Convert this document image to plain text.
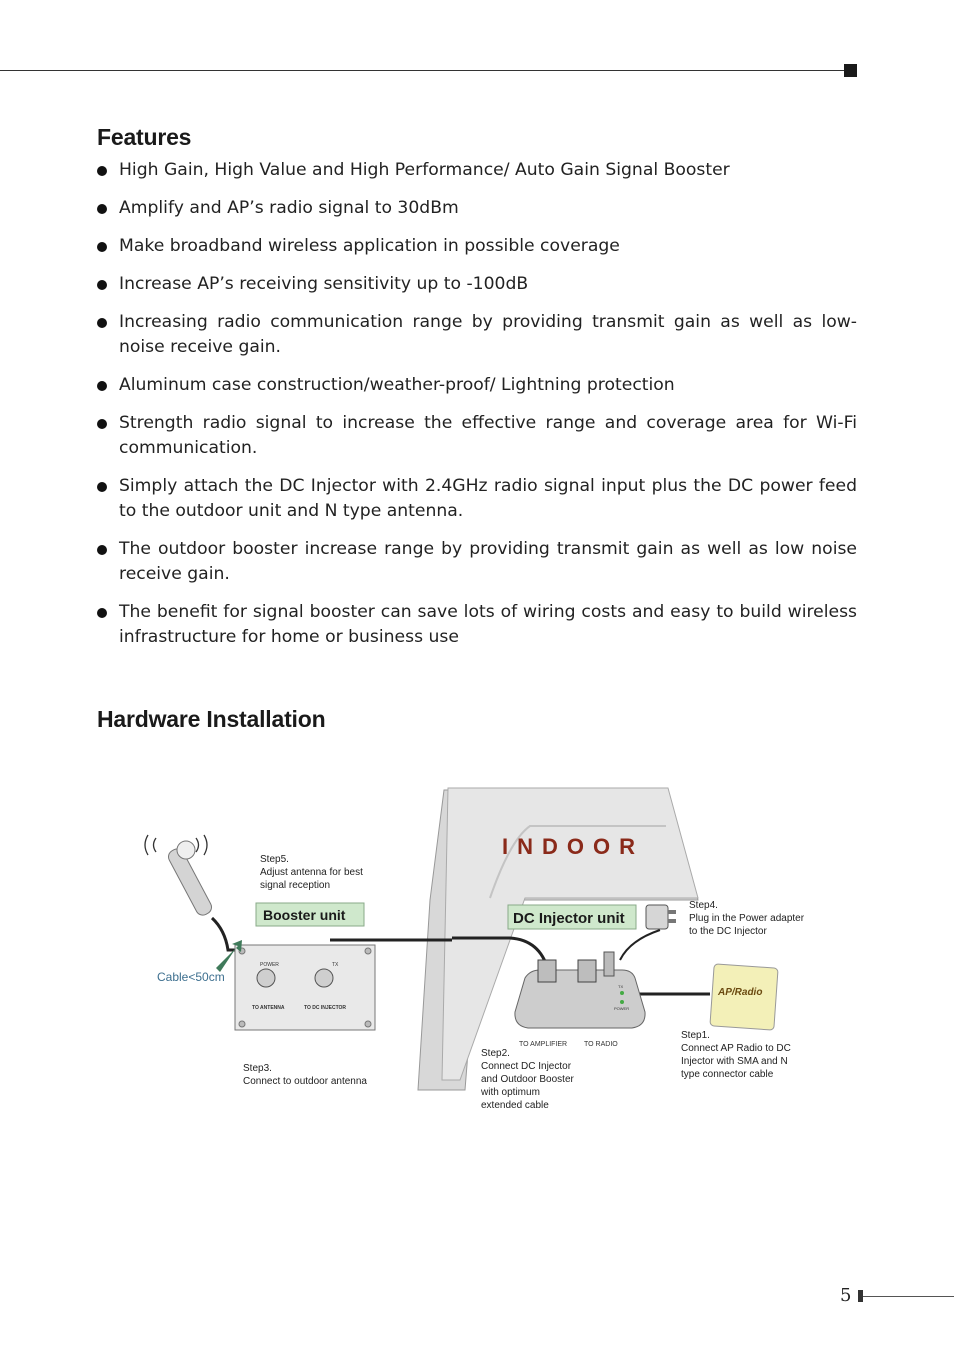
Features
High Gain, High Value and High Performance/ Auto Gain Signal Booster
Amplify and AP’s radio signal to 30dBm
Make broadband wireless application in possible coverage
Increase AP’s receiving sensitivity up to -100dB
Increasing radio communication range by providing transmit gain as well as low-noise receive gain.
Aluminum case construction/weather-proof/ Lightning protection
Strength radio signal to increase the effective range and coverage area for Wi-Fi communication.
Simply attach the DC Injector with 2.4GHz radio signal input plus the DC power feed to the outdoor unit and N type antenna.
The outdoor booster increase range by providing transmit gain as well as low noise receive gain.
The benefit for signal booster can save lots of wiring costs and easy to build wireless infrastructure for home or business use
Hardware Installation
INDOOR
POWER	TX
TO ANTENNA	TO DC INJECTOR
Booster unit
Cable<50cm
Step5. Adjust antenna for best signal reception
Step3. Connect to outdoor antenna
TX
POWER
TO AMPLIFIER TO RADIO
DC Injector unit
Step4. Plug in the Power adapter to the DC Injector
AP/Radio
Step2. Connect DC Injector and Outdoor Booster with optimum extended cable
Step1. Connect AP Radio to DC Injector with SMA and N type connector cable
5
